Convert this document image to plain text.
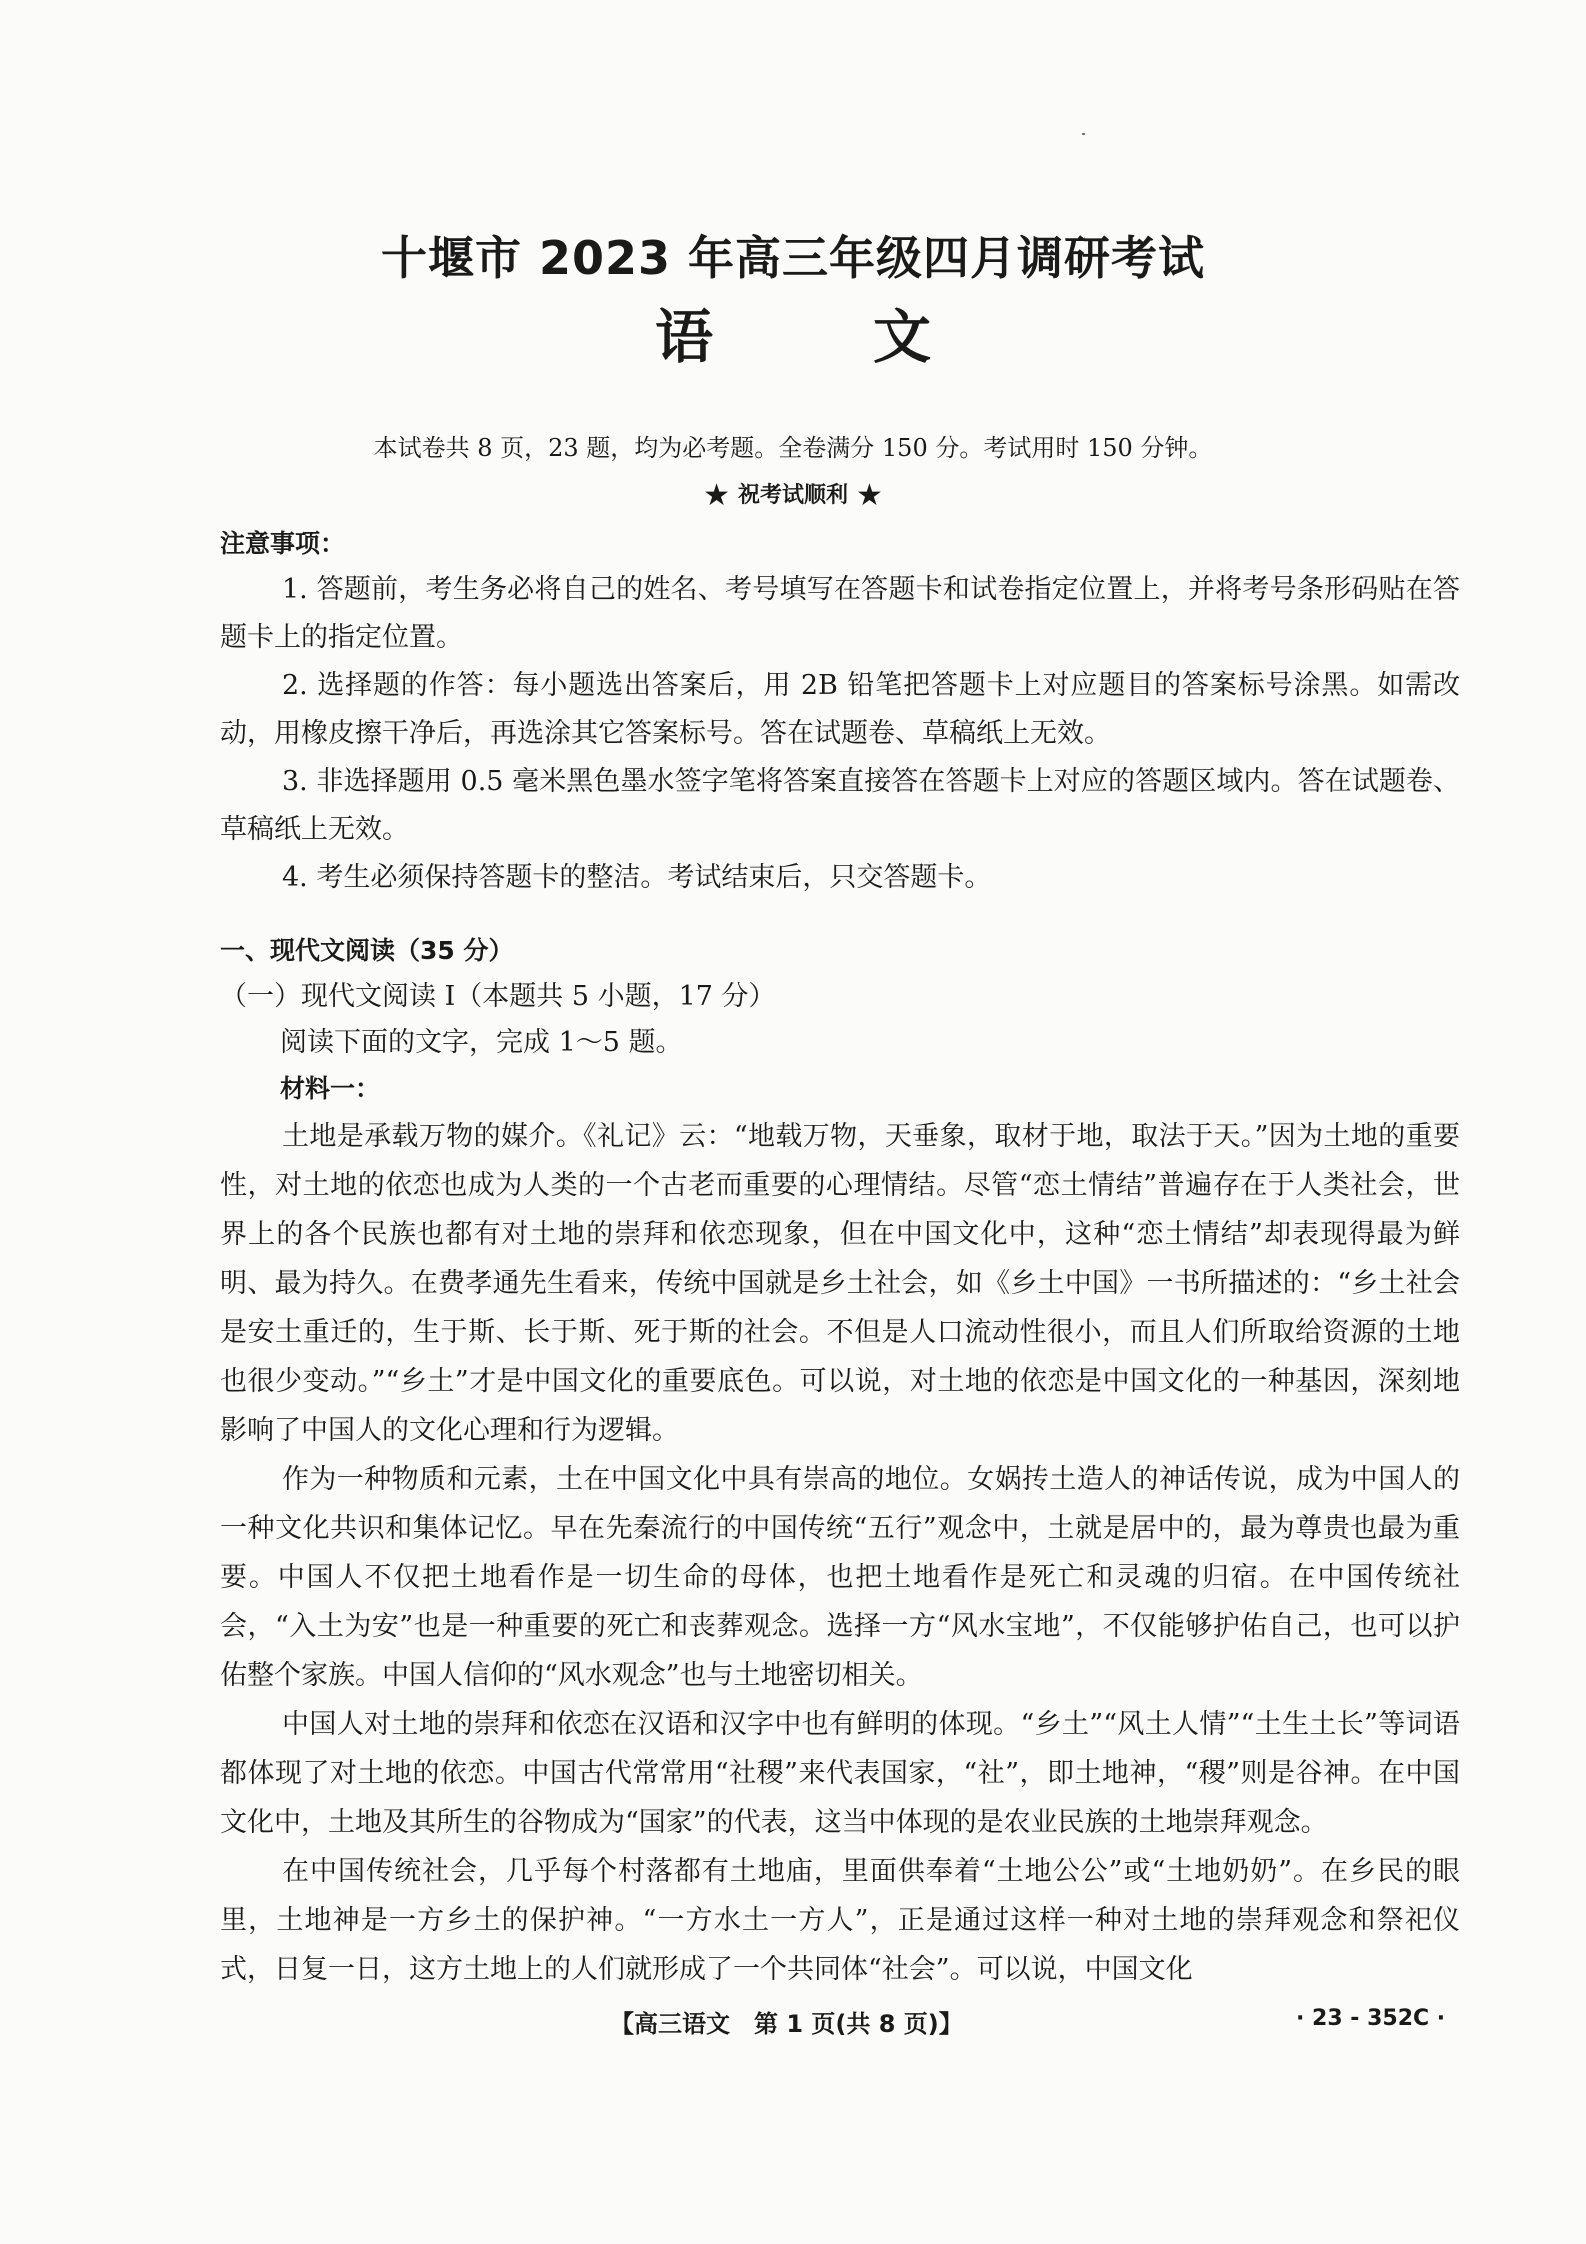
十堰市 2023 年高三年级四月调研考试
语	文
本试卷共 8 页，23 题，均为必考题。全卷满分 150 分。考试用时 150 分钟。
★ 祝考试顺利 ★
注意事项：

1. 答题前，考生务必将自己的姓名、考号填写在答题卡和试卷指定位置上，并将考号条形码贴在答题卡上的指定位置。

2. 选择题的作答：每小题选出答案后，用 2B 铅笔把答题卡上对应题目的答案标号涂黑。如需改动，用橡皮擦干净后，再选涂其它答案标号。答在试题卷、草稿纸上无效。

3. 非选择题用 0.5 毫米黑色墨水签字笔将答案直接答在答题卡上对应的答题区域内。答在试题卷、草稿纸上无效。

4. 考生必须保持答题卡的整洁。考试结束后，只交答题卡。

一、现代文阅读（35 分）
（一）现代文阅读 Ⅰ（本题共 5 小题，17 分）
阅读下面的文字，完成 1～5 题。
材料一：

土地是承载万物的媒介。《礼记》云：“地载万物，天垂象，取材于地，取法于天。”因为土地的重要性，对土地的依恋也成为人类的一个古老而重要的心理情结。尽管“恋土情结”普遍存在于人类社会，世界上的各个民族也都有对土地的崇拜和依恋现象，但在中国文化中，这种“恋土情结”却表现得最为鲜明、最为持久。在费孝通先生看来，传统中国就是乡土社会，如《乡土中国》一书所描述的：“乡土社会是安土重迁的，生于斯、长于斯、死于斯的社会。不但是人口流动性很小，而且人们所取给资源的土地也很少变动。”“乡土”才是中国文化的重要底色。可以说，对土地的依恋是中国文化的一种基因，深刻地影响了中国人的文化心理和行为逻辑。

作为一种物质和元素，土在中国文化中具有崇高的地位。女娲抟土造人的神话传说，成为中国人的一种文化共识和集体记忆。早在先秦流行的中国传统“五行”观念中，土就是居中的，最为尊贵也最为重要。中国人不仅把土地看作是一切生命的母体，也把土地看作是死亡和灵魂的归宿。在中国传统社会，“入土为安”也是一种重要的死亡和丧葬观念。选择一方“风水宝地”，不仅能够护佑自己，也可以护佑整个家族。中国人信仰的“风水观念”也与土地密切相关。

中国人对土地的崇拜和依恋在汉语和汉字中也有鲜明的体现。“乡土”“风土人情”“土生土长”等词语都体现了对土地的依恋。中国古代常常用“社稷”来代表国家，“社”，即土地神，“稷”则是谷神。在中国文化中，土地及其所生的谷物成为“国家”的代表，这当中体现的是农业民族的土地崇拜观念。

在中国传统社会，几乎每个村落都有土地庙，里面供奉着“土地公公”或“土地奶奶”。在乡民的眼里，土地神是一方乡土的保护神。“一方水土一方人”，正是通过这样一种对土地的崇拜观念和祭祀仪式，日复一日，这方土地上的人们就形成了一个共同体“社会”。可以说，中国文化

【高三语文　第 1 页(共 8 页)】	· 23 - 352C ·
